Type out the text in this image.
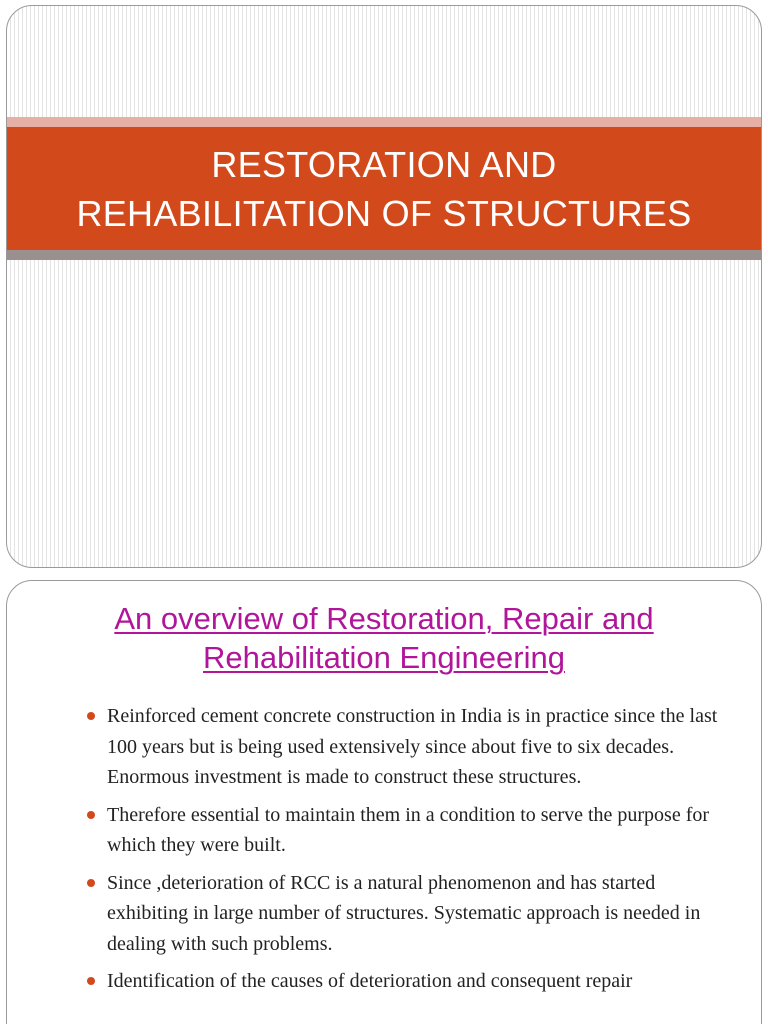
RESTORATION AND
REHABILITATION OF STRUCTURES
An overview of Restoration, Repair and
Rehabilitation Engineering
Reinforced cement concrete construction in India is in practice since the last 100 years but is being used extensively since about five to six decades. Enormous investment is made to construct these structures.
Therefore essential to maintain them in a condition to serve the purpose for which they were built.
Since ,deterioration of RCC is a natural phenomenon and has started exhibiting in large number of structures. Systematic approach is needed in dealing with such problems.
Identification of the causes of deterioration and consequent repair
